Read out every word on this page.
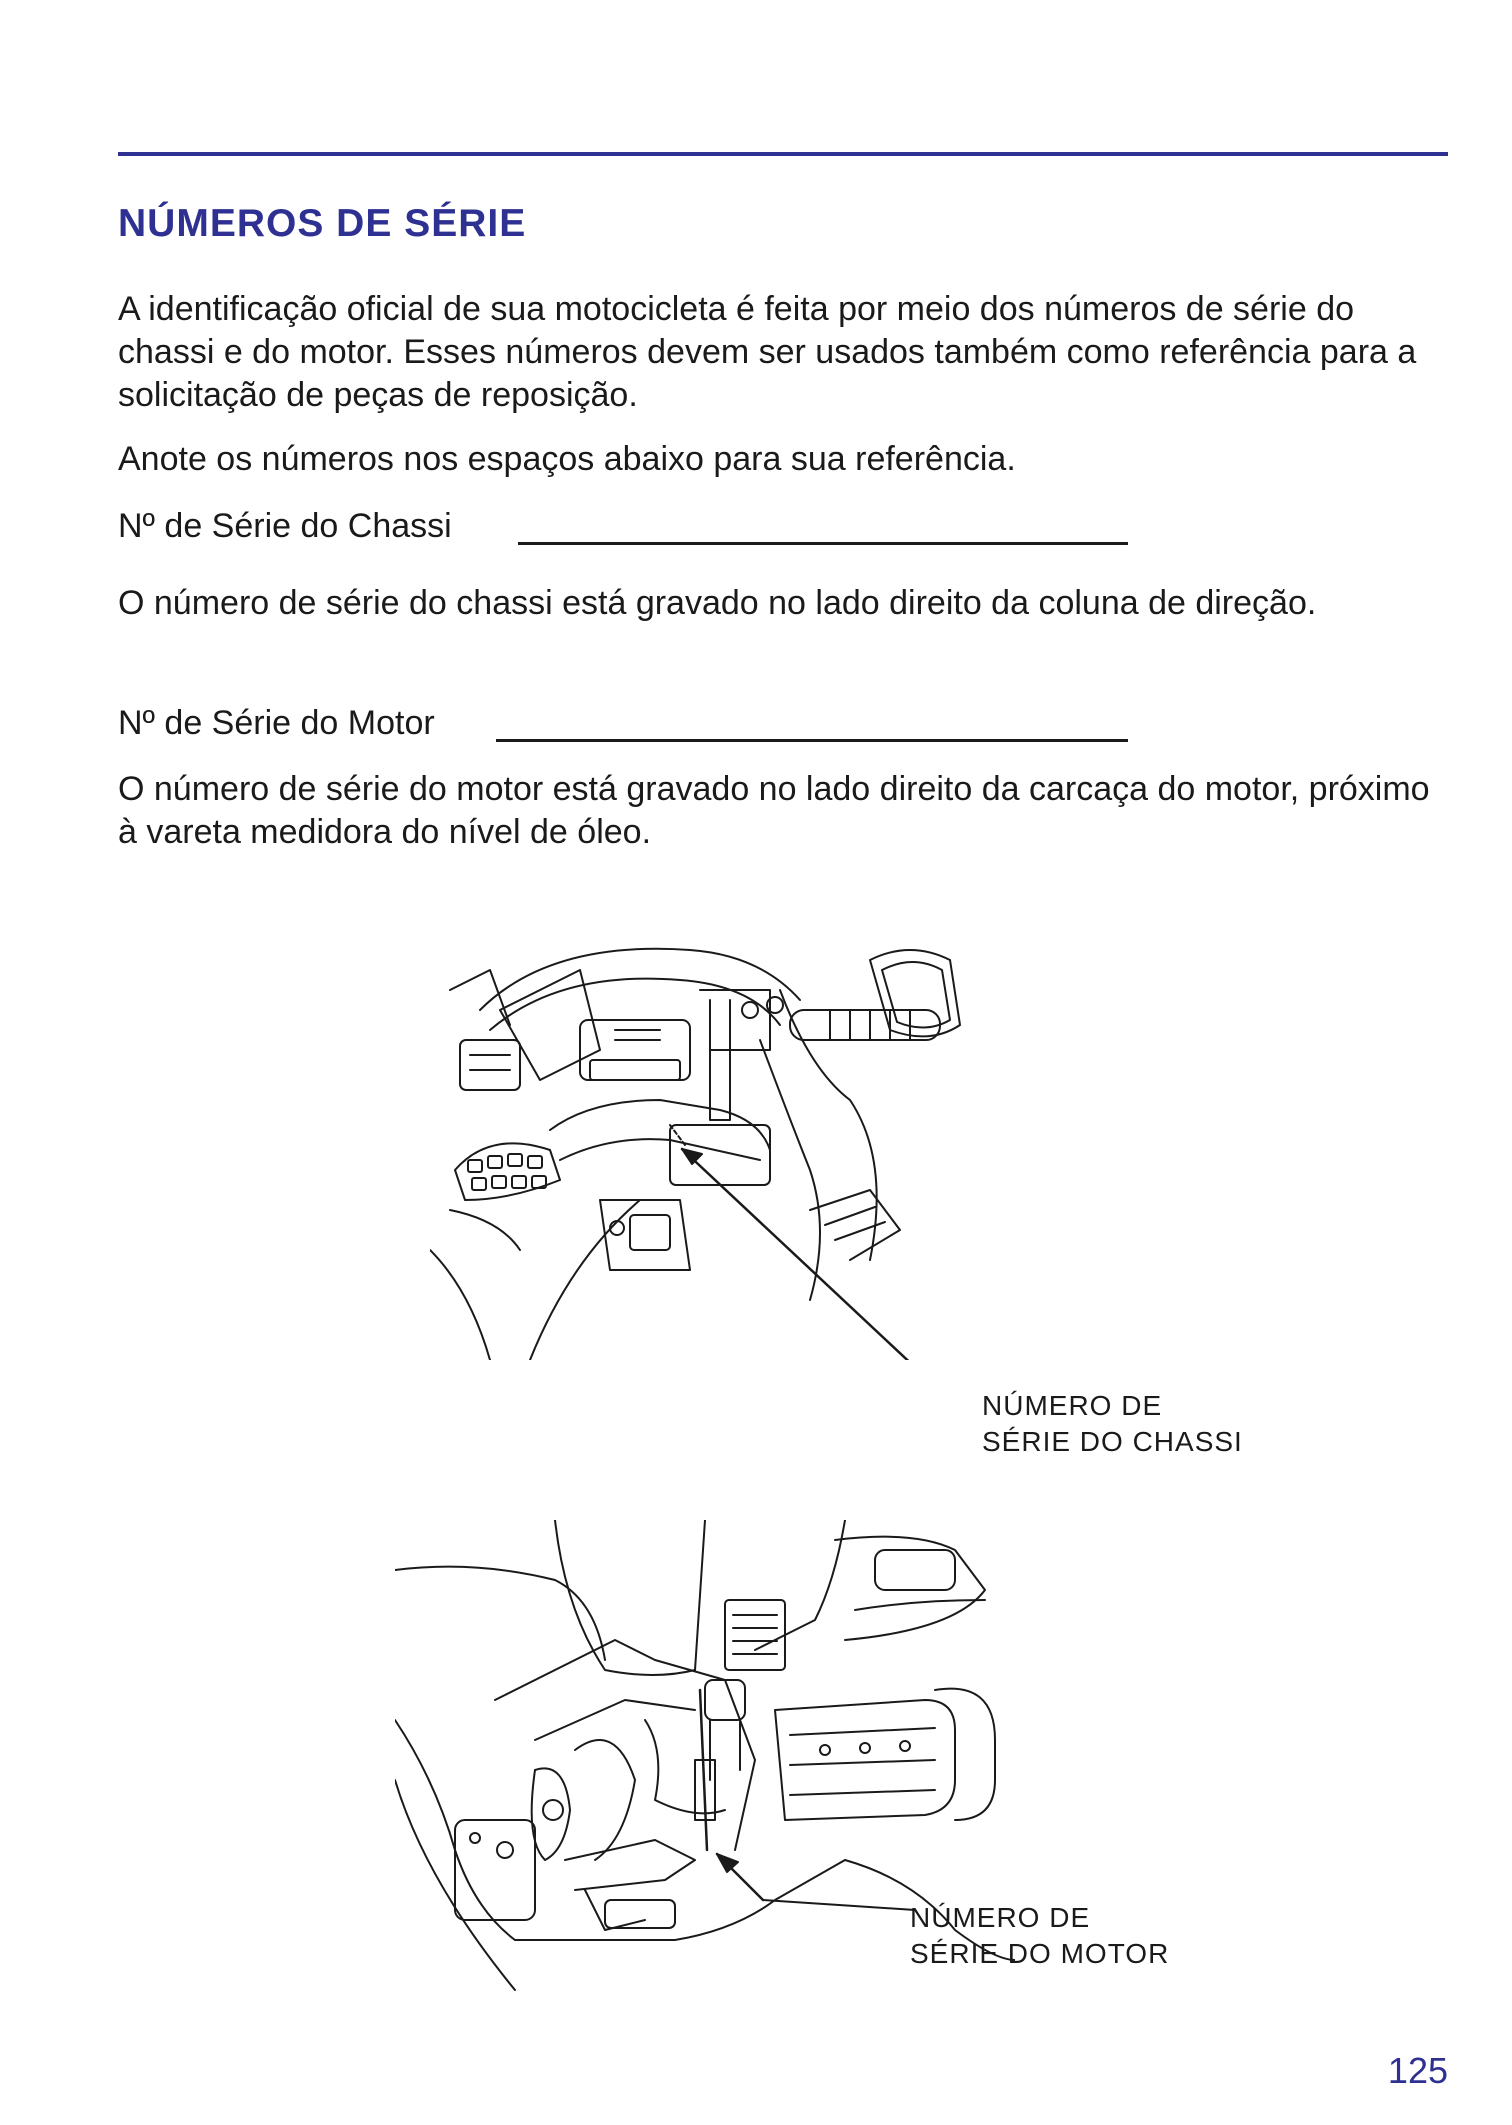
NÚMEROS DE SÉRIE

A identificação oficial de sua motocicleta é feita por meio dos números de série do chassi e do motor. Esses números devem ser usados também como referência para a solicitação de peças de reposição.

Anote os números nos espaços abaixo para sua referência.

Nº de Série do Chassi

O número de série do chassi está gravado no lado direito da coluna de direção.

Nº de Série do Motor

O número de série do motor está gravado no lado direito da carcaça do motor, próximo à vareta medidora do nível de óleo.

NÚMERO DE
SÉRIE DO CHASSI
NÚMERO DE
SÉRIE DO MOTOR
125
